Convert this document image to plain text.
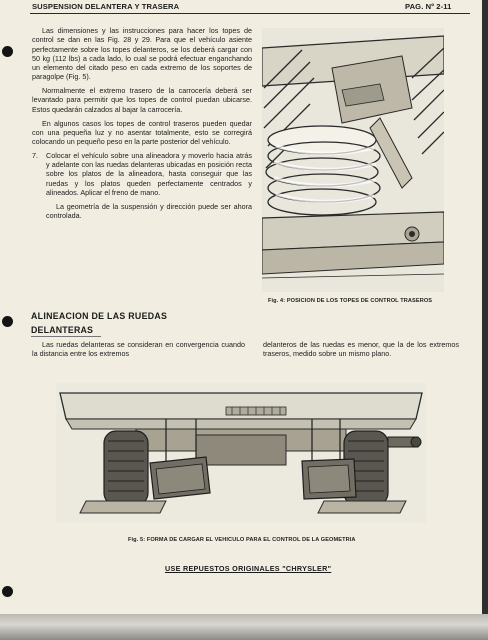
SUSPENSION DELANTERA Y TRASERA	PAG. Nº 2-11

Las dimensiones y las instrucciones para hacer los topes de control se dan en las Fig. 28 y 29. Para que el vehículo asiente perfectamente sobre los topes delanteros, se los deberá cargar con 50 kg (112 lbs) a cada lado, lo cual se podrá efectuar enganchando un elemento del citado peso en cada extremo de los soportes de paragolpe (Fig. 5).

Normalmente el extremo trasero de la carrocería deberá ser levantado para permitir que los topes de control puedan ubicarse. Estos quedarán calzados al bajar la carrocería.

En algunos casos los topes de control traseros pueden quedar con una pequeña luz y no asentar totalmente, esto se corregirá colocando un pequeño peso en la parte posterior del vehículo.

7. Colocar el vehículo sobre una alineadora y moverlo hacia atrás y adelante con las ruedas delanteras ubicadas en posición recta sobre los platos de la alineadora, hasta conseguir que las ruedas y los platos queden perfectamente centrados y alineados. Aplicar el freno de mano.

La geometría de la suspensión y dirección puede ser ahora controlada.

Fig. 4: POSICION DE LOS TOPES DE CONTROL TRASEROS
ALINEACION DE LAS RUEDAS
DELANTERAS

Las ruedas delanteras se consideran en convergencia cuando la distancia entre los extremos

delanteros de las ruedas es menor, que la de los extremos traseros, medido sobre un mismo plano.

Fig. 5: FORMA DE CARGAR EL VEHICULO PARA EL CONTROL DE LA GEOMETRIA
USE REPUESTOS ORIGINALES "CHRYSLER"
